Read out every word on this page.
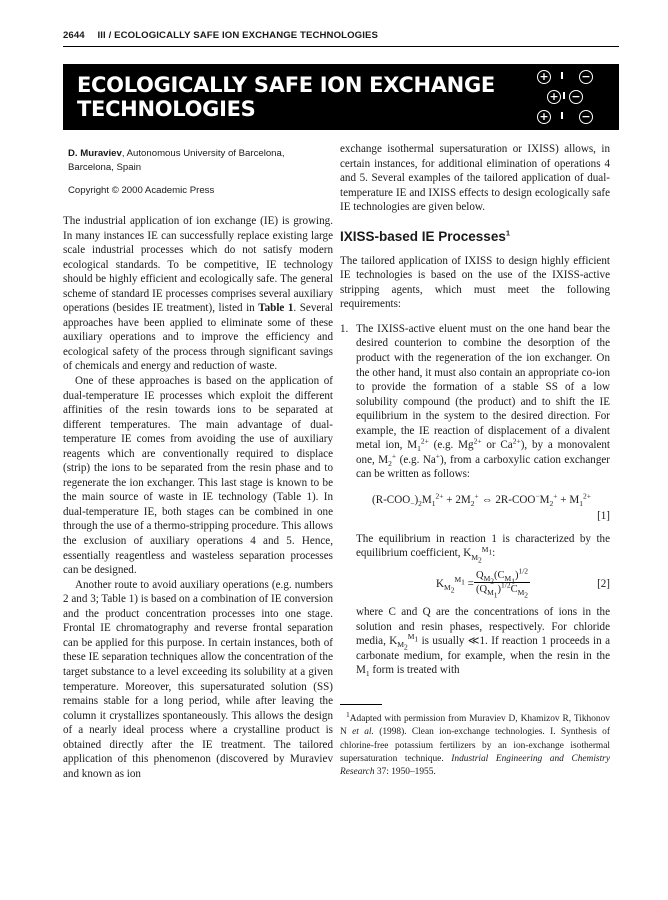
2644 III / ECOLOGICALLY SAFE ION EXCHANGE TECHNOLOGIES
ECOLOGICALLY SAFE ION EXCHANGE
TECHNOLOGIES
+	−
+ −
+	−
D. Muraviev, Autonomous University of Barcelona, Barcelona, Spain
Copyright © 2000 Academic Press

The industrial application of ion exchange (IE) is growing. In many instances IE can successfully replace existing large scale industrial processes which do not satisfy modern ecological standards. To be competitive, IE technology should be highly efficient and ecologically safe. The general scheme of standard IE processes comprises several auxiliary operations (besides IE treatment), listed in Table 1. Several approaches have been applied to eliminate some of these auxiliary operations and to improve the efficiency and ecological safety of the process through significant savings of chemicals and energy and reduction of waste.

One of these approaches is based on the application of dual-temperature IE processes which exploit the different affinities of the resin towards ions to be separated at different temperatures. The main advantage of dual-temperature IE comes from avoiding the use of auxiliary reagents which are conventionally required to displace (strip) the ions to be separated from the resin phase and to regenerate the ion exchanger. This last stage is known to be the main source of waste in IE technology (Table 1). In dual-temperature IE, both stages can be combined in one through the use of a thermo-stripping procedure. This allows the exclusion of auxiliary operations 4 and 5. Hence, essentially reagentless and wasteless separation processes can be designed.

Another route to avoid auxiliary operations (e.g. numbers 2 and 3; Table 1) is based on a combination of IE conversion and the product concentration processes into one stage. Frontal IE chromatography and reverse frontal separation can be applied for this purpose. In certain instances, both of these IE separation techniques allow the concentration of the target substance to a level exceeding its solubility at a given temperature. Moreover, this supersaturated solution (SS) remains stable for a long period, while after leaving the column it crystallizes spontaneously. This allows the design of a nearly ideal process where a crystalline product is obtained directly after the IE treatment. The tailored application of this phenomenon (discovered by Muraviev and known as ion

exchange isothermal supersaturation or IXISS) allows, in certain instances, for additional elimination of operations 4 and 5. Several examples of the tailored application of dual-temperature IE and IXISS effects to design ecologically safe IE technologies are given below.

IXISS-based IE Processes$^1$

The tailored application of IXISS to design highly efficient IE technologies is based on the use of the IXISS-active stripping agents, which must meet the following requirements:

1. The IXISS-active eluent must on the one hand bear the desired counterion to combine the desorption of the product with the regeneration of the ion exchanger. On the other hand, it must also contain an appropriate co-ion to provide the formation of a stable SS of a low solubility compound (the product) and to shift the IE equilibrium in the system to the desired direction. For example, the IE reaction of displacement of a divalent metal ion, $M_1^{2+}$ (e.g. $Mg^{2+}$ or $Ca^{2+}$), by a monovalent one, $M_2^+$ (e.g. Na+), from a carboxylic cation exchanger can be written as follows:

$(R-COO_-)_2M_1^{2+} + 2M_2^+$ ⇔ $2R-COO^-M_2^+ + M_1^{2+}$
[1]

The equilibrium in reaction 1 is characterized by the equilibrium coefficient, $K_{M_2}^{M_1}$:

$K_{M_2}^{M_1} = \frac{Q_{M_2}(C_{M_1})^{1/2}}{(Q_{M_1})^{1/2}C_{M_2}}$	[2]

where C and Q are the concentrations of ions in the solution and resin phases, respectively. For chloride media, $K_{M_2}^{M_1}$ is usually ≪1. If reaction 1 proceeds in a carbonate medium, for example, when the resin in the $M_1$ form is treated with

$^1$Adapted with permission from Muraviev D, Khamizov R, Tikhonov N et al. (1998). Clean ion-exchange technologies. I. Synthesis of chlorine-free potassium fertilizers by an ion-exchange isothermal supersaturation technique. Industrial Engineering and Chemistry Research 37: 1950–1955.
